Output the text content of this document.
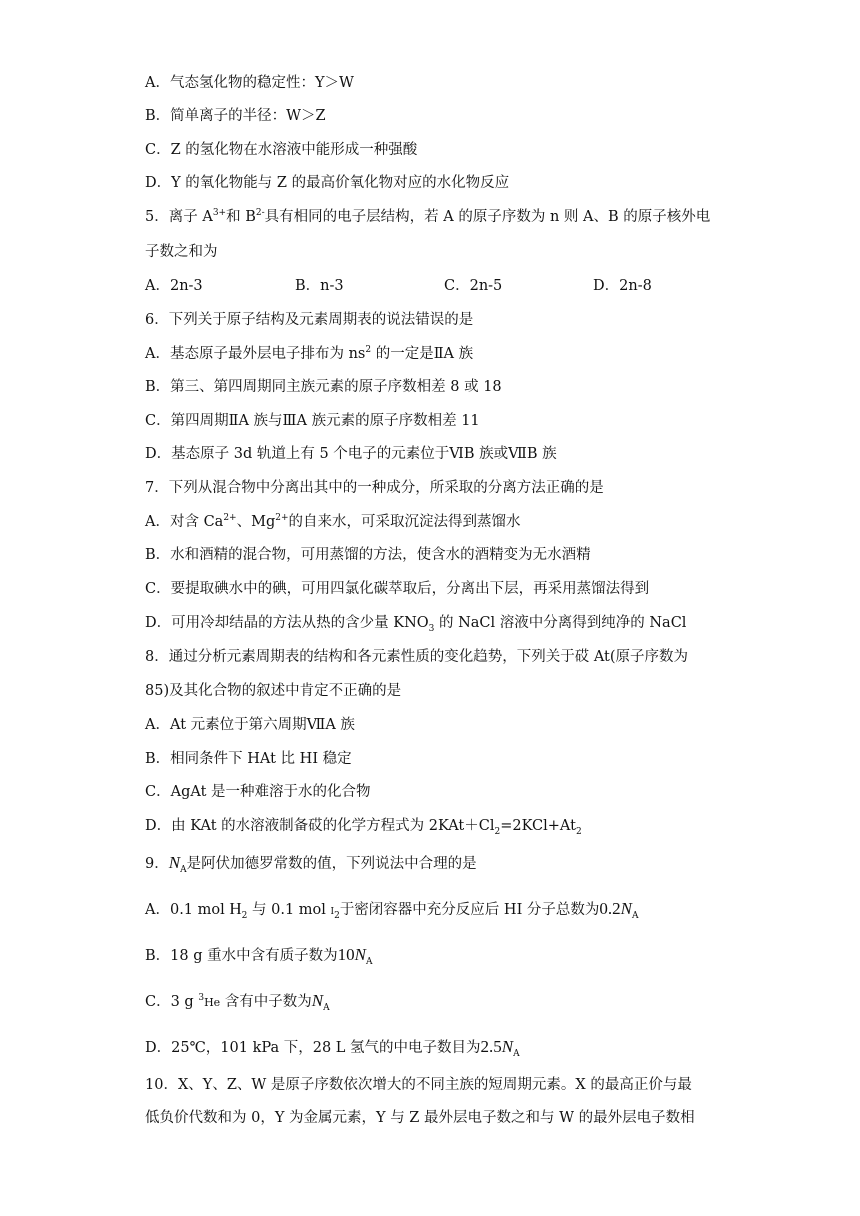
A．气态氢化物的稳定性：Y＞W
B．简单离子的半径：W＞Z
C．Z 的氢化物在水溶液中能形成一种强酸
D．Y 的氧化物能与 Z 的最高价氧化物对应的水化物反应
5．离子 $A^{3+}$和 $B^{2-}$具有相同的电子层结构，若 A 的原子序数为 n 则 A、B 的原子核外电
子数之和为
A．2n-3	B．n-3	C．2n-5	D．2n-8
6．下列关于原子结构及元素周期表的说法错误的是
A．基态原子最外层电子排布为 $ns^2$ 的一定是ⅡA 族
B．第三、第四周期同主族元素的原子序数相差 8 或 18
C．第四周期ⅡA 族与ⅢA 族元素的原子序数相差 11
D．基态原子 3d 轨道上有 5 个电子的元素位于ⅥB 族或ⅦB 族
7．下列从混合物中分离出其中的一种成分，所采取的分离方法正确的是
A．对含 $Ca^{2+}$、$Mg^{2+}$的自来水，可采取沉淀法得到蒸馏水
B．水和酒精的混合物，可用蒸馏的方法，使含水的酒精变为无水酒精
C．要提取碘水中的碘，可用四氯化碳萃取后，分离出下层，再采用蒸馏法得到
D．可用冷却结晶的方法从热的含少量 $KNO_3$ 的 NaCl 溶液中分离得到纯净的 NaCl
8．通过分析元素周期表的结构和各元素性质的变化趋势，下列关于砹 At(原子序数为
85)及其化合物的叙述中肯定不正确的是
A．At 元素位于第六周期ⅦA 族
B．相同条件下 HAt 比 HI 稳定
C．AgAt 是一种难溶于水的化合物
D．由 KAt 的水溶液制备砹的化学方程式为 $2KAt+Cl_2=2KCl+At_2$
9．$N_A$是阿伏加德罗常数的值，下列说法中合理的是
A．0.1 mol $H_2$ 与 0.1 mol $I_2$于密闭容器中充分反应后 HI 分子总数为$0.2N_A$
B．18 g 重水中含有质子数为$10N_A$
C．3 g $^3$He 含有中子数为$N_A$
D．25℃，101 kPa 下，28 L 氢气的中电子数目为$2.5N_A$
10．X、Y、Z、W 是原子序数依次增大的不同主族的短周期元素。X 的最高正价与最
低负价代数和为 0，Y 为金属元素，Y 与 Z 最外层电子数之和与 W 的最外层电子数相
